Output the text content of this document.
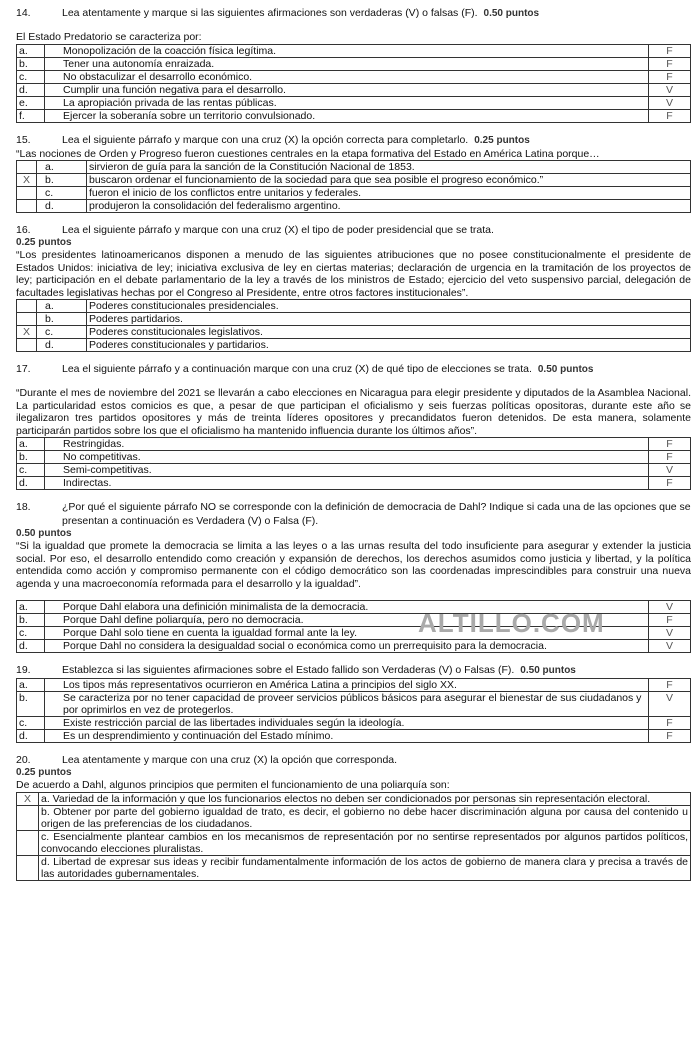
14.	Lea atentamente y marque si las siguientes afirmaciones son verdaderas (V) o falsas (F). 0.50 puntos
El Estado Predatorio se caracteriza por:
a.	Monopolización de la coacción física legítima.	F
b.	Tener una autonomía enraizada.	F
c.	No obstaculizar el desarrollo económico.	F
d.	Cumplir una función negativa para el desarrollo.	V
e.	La apropiación privada de las rentas públicas.	V
f.	Ejercer la soberanía sobre un territorio convulsionado.	F
15.	Lea el siguiente párrafo y marque con una cruz (X) la opción correcta para completarlo. 0.25 puntos
“Las nociones de Orden y Progreso fueron cuestiones centrales en la etapa formativa del Estado en América Latina porque…
	a.	sirvieron de guía para la sanción de la Constitución Nacional de 1853.
X	b.	buscaron ordenar el funcionamiento de la sociedad para que sea posible el progreso económico.”
	c.	fueron el inicio de los conflictos entre unitarios y federales.
	d.	produjeron la consolidación del federalismo argentino.
16.	Lea el siguiente párrafo y marque con una cruz (X) el tipo de poder presidencial que se trata.
0.25 puntos
“Los presidentes latinoamericanos disponen a menudo de las siguientes atribuciones que no posee constitucionalmente el presidente de Estados Unidos: iniciativa de ley; iniciativa exclusiva de ley en ciertas materias; declaración de urgencia en la tramitación de los proyectos de ley; participación en el debate parlamentario de la ley a través de los ministros de Estado; ejercicio del veto suspensivo parcial, delegación de facultades legislativas hechas por el Congreso al Presidente, entre otros factores institucionales”.
	a.	Poderes constitucionales presidenciales.
	b.	Poderes partidarios.
X	c.	Poderes constitucionales legislativos.
	d.	Poderes constitucionales y partidarios.
17.	Lea el siguiente párrafo y a continuación marque con una cruz (X) de qué tipo de elecciones se trata. 0.50 puntos
“Durante el mes de noviembre del 2021 se llevarán a cabo elecciones en Nicaragua para elegir presidente y diputados de la Asamblea Nacional. La particularidad estos comicios es que, a pesar de que participan el oficialismo y seis fuerzas políticas opositoras, durante este año se ilegalizaron tres partidos opositores y más de treinta líderes opositores y precandidatos fueron detenidos. De esta manera, solamente participarán partidos sobre los que el oficialismo ha mantenido influencia durante los últimos años”.
a.	Restringidas.	F
b.	No competitivas.	F
c.	Semi-competitivas.	V
d.	Indirectas.	F
18.	¿Por qué el siguiente párrafo NO se corresponde con la definición de democracia de Dahl? Indique si cada una de las opciones que se presentan a continuación es Verdadera (V) o Falsa (F).
0.50 puntos
“Si la igualdad que promete la democracia se limita a las leyes o a las urnas resulta del todo insuficiente para asegurar y extender la justicia social. Por eso, el desarrollo entendido como creación y expansión de derechos, los derechos asumidos como justicia y libertad, y la política entendida como acción y compromiso permanente con el código democrático son las coordenadas imprescindibles para construir una nueva agenda y una macroeconomía reformada para el desarrollo y la igualdad”.
a.	Porque Dahl elabora una definición minimalista de la democracia.	V
b.	Porque Dahl define poliarquía, pero no democracia.	F
c.	Porque Dahl solo tiene en cuenta la igualdad formal ante la ley.	V
d.	Porque Dahl no considera la desigualdad social o económica como un prerrequisito para la democracia.	V
19.	Establezca si las siguientes afirmaciones sobre el Estado fallido son Verdaderas (V) o Falsas (F). 0.50 puntos
a.	Los tipos más representativos ocurrieron en América Latina a principios del siglo XX.	F
b.	Se caracteriza por no tener capacidad de proveer servicios públicos básicos para asegurar el bienestar de sus ciudadanos y por oprimirlos en vez de protegerlos.	V
c.	Existe restricción parcial de las libertades individuales según la ideología.	F
d.	Es un desprendimiento y continuación del Estado mínimo.	F
20.	Lea atentamente y marque con una cruz (X) la opción que corresponda.
0.25 puntos
De acuerdo a Dahl, algunos principios que permiten el funcionamiento de una poliarquía son:
X	a. Variedad de la información y que los funcionarios electos no deben ser condicionados por personas sin representación electoral.
	b. Obtener por parte del gobierno igualdad de trato, es decir, el gobierno no debe hacer discriminación alguna por causa del contenido u origen de las preferencias de los ciudadanos.
	c. Esencialmente plantear cambios en los mecanismos de representación por no sentirse representados por algunos partidos políticos, convocando elecciones pluralistas.
	d. Libertad de expresar sus ideas y recibir fundamentalmente información de los actos de gobierno de manera clara y precisa a través de las autoridades gubernamentales.
ALTILLO.COM
